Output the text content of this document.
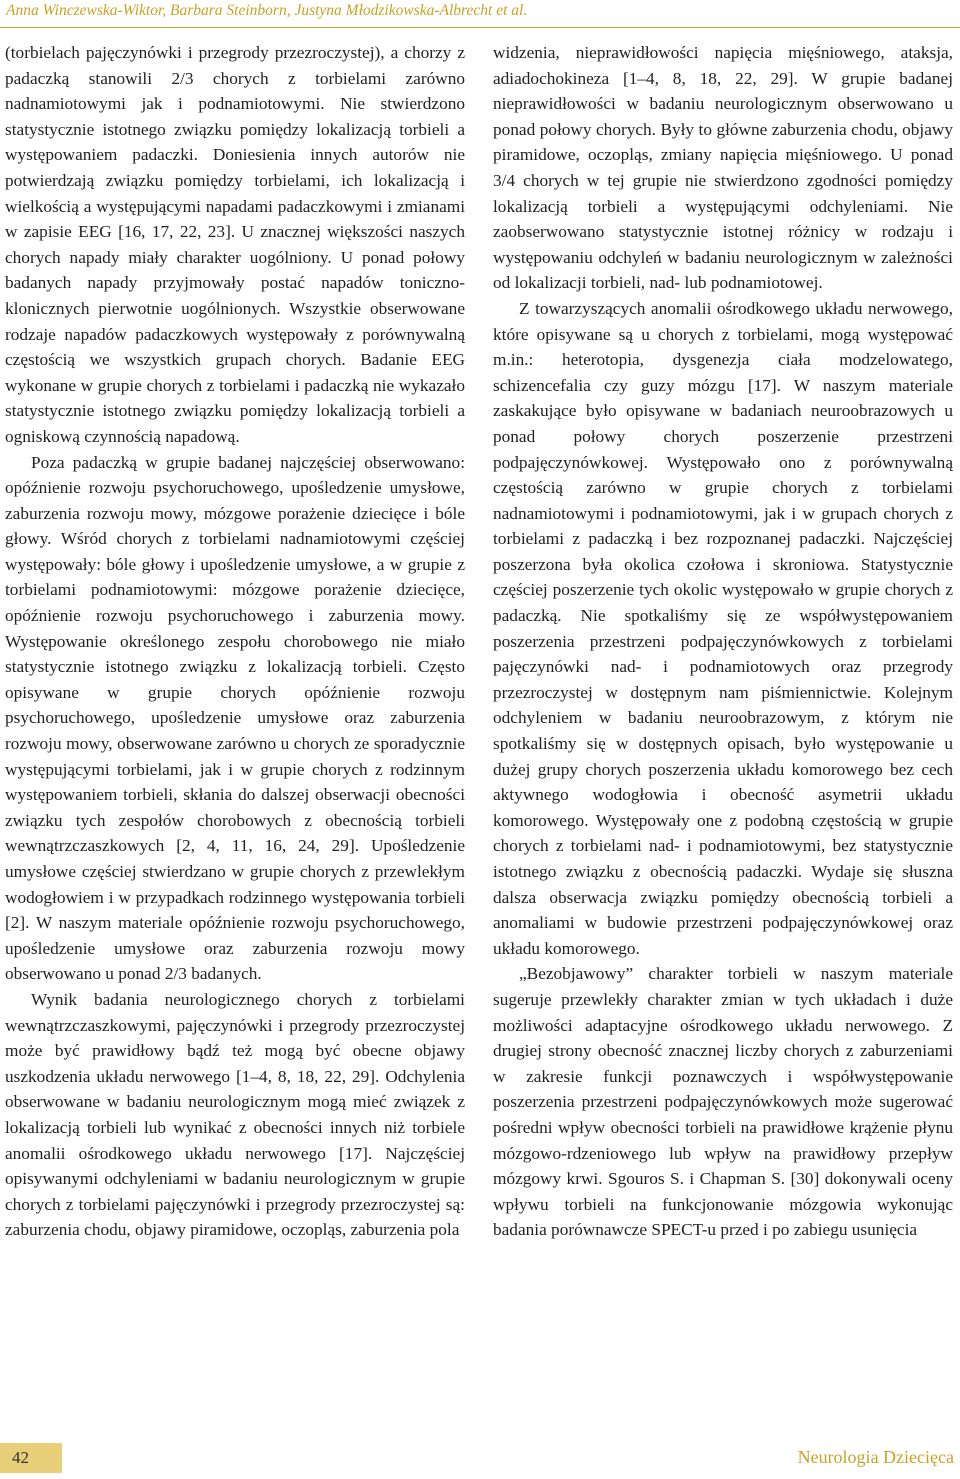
Anna Winczewska-Wiktor, Barbara Steinborn, Justyna Młodzikowska-Albrecht et al.

(torbielach pajęczynówki i przegrody przezroczystej), a chorzy z padaczką stanowili 2/3 chorych z torbielami zarówno nadnamiotowymi jak i podnamiotowymi. Nie stwierdzono statystycznie istotnego związku pomiędzy lokalizacją torbieli a występowaniem padaczki. Doniesienia innych autorów nie potwierdzają związku pomiędzy torbielami, ich lokalizacją i wielkością a występującymi napadami padaczkowymi i zmianami w zapisie EEG [16, 17, 22, 23]. U znacznej większości naszych chorych napady miały charakter uogólniony. U ponad połowy badanych napady przyjmowały postać napadów toniczno-klonicznych pierwotnie uogólnionych. Wszystkie obserwowane rodzaje napadów padaczkowych występowały z porównywalną częstością we wszystkich grupach chorych. Badanie EEG wykonane w grupie chorych z torbielami i padaczką nie wykazało statystycznie istotnego związku pomiędzy lokalizacją torbieli a ogniskową czynnością napadową.

Poza padaczką w grupie badanej najczęściej obserwowano: opóźnienie rozwoju psychoruchowego, upośledzenie umysłowe, zaburzenia rozwoju mowy, mózgowe porażenie dziecięce i bóle głowy. Wśród chorych z torbielami nadnamiotowymi częściej występowały: bóle głowy i upośledzenie umysłowe, a w grupie z torbielami podnamiotowymi: mózgowe porażenie dziecięce, opóźnienie rozwoju psychoruchowego i zaburzenia mowy. Występowanie określonego zespołu chorobowego nie miało statystycznie istotnego związku z lokalizacją torbieli. Często opisywane w grupie chorych opóźnienie rozwoju psychoruchowego, upośledzenie umysłowe oraz zaburzenia rozwoju mowy, obserwowane zarówno u chorych ze sporadycznie występującymi torbielami, jak i w grupie chorych z rodzinnym występowaniem torbieli, skłania do dalszej obserwacji obecności związku tych zespołów chorobowych z obecnością torbieli wewnątrzczaszkowych [2, 4, 11, 16, 24, 29]. Upośledzenie umysłowe częściej stwierdzano w grupie chorych z przewlekłym wodogłowiem i w przypadkach rodzinnego występowania torbieli [2]. W naszym materiale opóźnienie rozwoju psychoruchowego, upośledzenie umysłowe oraz zaburzenia rozwoju mowy obserwowano u ponad 2/3 badanych.

Wynik badania neurologicznego chorych z torbielami wewnątrzczaszkowymi, pajęczynówki i przegrody przezroczystej może być prawidłowy bądź też mogą być obecne objawy uszkodzenia układu nerwowego [1–4, 8, 18, 22, 29]. Odchylenia obserwowane w badaniu neurologicznym mogą mieć związek z lokalizacją torbieli lub wynikać z obecności innych niż torbiele anomalii ośrodkowego układu nerwowego [17]. Najczęściej opisywanymi odchyleniami w badaniu neurologicznym w grupie chorych z torbielami pajęczynówki i przegrody przezroczystej są: zaburzenia chodu, objawy piramidowe, oczopląs, zaburzenia pola

widzenia, nieprawidłowości napięcia mięśniowego, ataksja, adiadochokineza [1–4, 8, 18, 22, 29]. W grupie badanej nieprawidłowości w badaniu neurologicznym obserwowano u ponad połowy chorych. Były to główne zaburzenia chodu, objawy piramidowe, oczopląs, zmiany napięcia mięśniowego. U ponad 3/4 chorych w tej grupie nie stwierdzono zgodności pomiędzy lokalizacją torbieli a występującymi odchyleniami. Nie zaobserwowano statystycznie istotnej różnicy w rodzaju i występowaniu odchyleń w badaniu neurologicznym w zależności od lokalizacji torbieli, nad- lub podnamiotowej.

Z towarzyszących anomalii ośrodkowego układu nerwowego, które opisywane są u chorych z torbielami, mogą występować m.in.: heterotopia, dysgenezja ciała modzelowatego, schizencefalia czy guzy mózgu [17]. W naszym materiale zaskakujące było opisywane w badaniach neuroobrazowych u ponad połowy chorych poszerzenie przestrzeni podpajęczynówkowej. Występowało ono z porównywalną częstością zarówno w grupie chorych z torbielami nadnamiotowymi i podnamiotowymi, jak i w grupach chorych z torbielami z padaczką i bez rozpoznanej padaczki. Najczęściej poszerzona była okolica czołowa i skroniowa. Statystycznie częściej poszerzenie tych okolic występowało w grupie chorych z padaczką. Nie spotkaliśmy się ze współwystępowaniem poszerzenia przestrzeni podpajęczynówkowych z torbielami pajęczynówki nad- i podnamiotowych oraz przegrody przezroczystej w dostępnym nam piśmiennictwie. Kolejnym odchyleniem w badaniu neuroobrazowym, z którym nie spotkaliśmy się w dostępnych opisach, było występowanie u dużej grupy chorych poszerzenia układu komorowego bez cech aktywnego wodogłowia i obecność asymetrii układu komorowego. Występowały one z podobną częstością w grupie chorych z torbielami nad- i podnamiotowymi, bez statystycznie istotnego związku z obecnością padaczki. Wydaje się słuszna dalsza obserwacja związku pomiędzy obecnością torbieli a anomaliami w budowie przestrzeni podpajęczynówkowej oraz układu komorowego.

„Bezobjawowy” charakter torbieli w naszym materiale sugeruje przewlekły charakter zmian w tych układach i duże możliwości adaptacyjne ośrodkowego układu nerwowego. Z drugiej strony obecność znacznej liczby chorych z zaburzeniami w zakresie funkcji poznawczych i współwystępowanie poszerzenia przestrzeni podpajęczynówkowych może sugerować pośredni wpływ obecności torbieli na prawidłowe krążenie płynu mózgowo-rdzeniowego lub wpływ na prawidłowy przepływ mózgowy krwi. Sgouros S. i Chapman S. [30] dokonywali oceny wpływu torbieli na funkcjonowanie mózgowia wykonując badania porównawcze SPECT-u przed i po zabiegu usunięcia

42	Neurologia Dziecięca
